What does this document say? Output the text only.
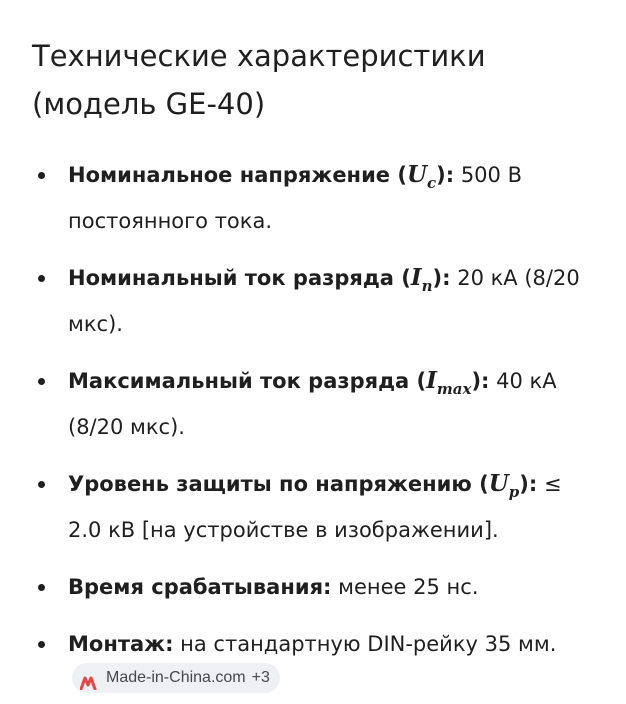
Технические характеристики (модель GE-40)
Номинальное напряжение $(U_c)$: 500 В постоянного тока.
Номинальный ток разряда $(I_n)$: 20 кА (8/20 мкс).
Максимальный ток разряда $(I_{max})$: 40 кА (8/20 мкс).
Уровень защиты по напряжению $(U_p)$: ≤ 2.0 кВ [на устройстве в изображении].
Время срабатывания: менее 25 нс.
Монтаж: на стандартную DIN-рейку 35 мм.
Made-in-China.com +3
